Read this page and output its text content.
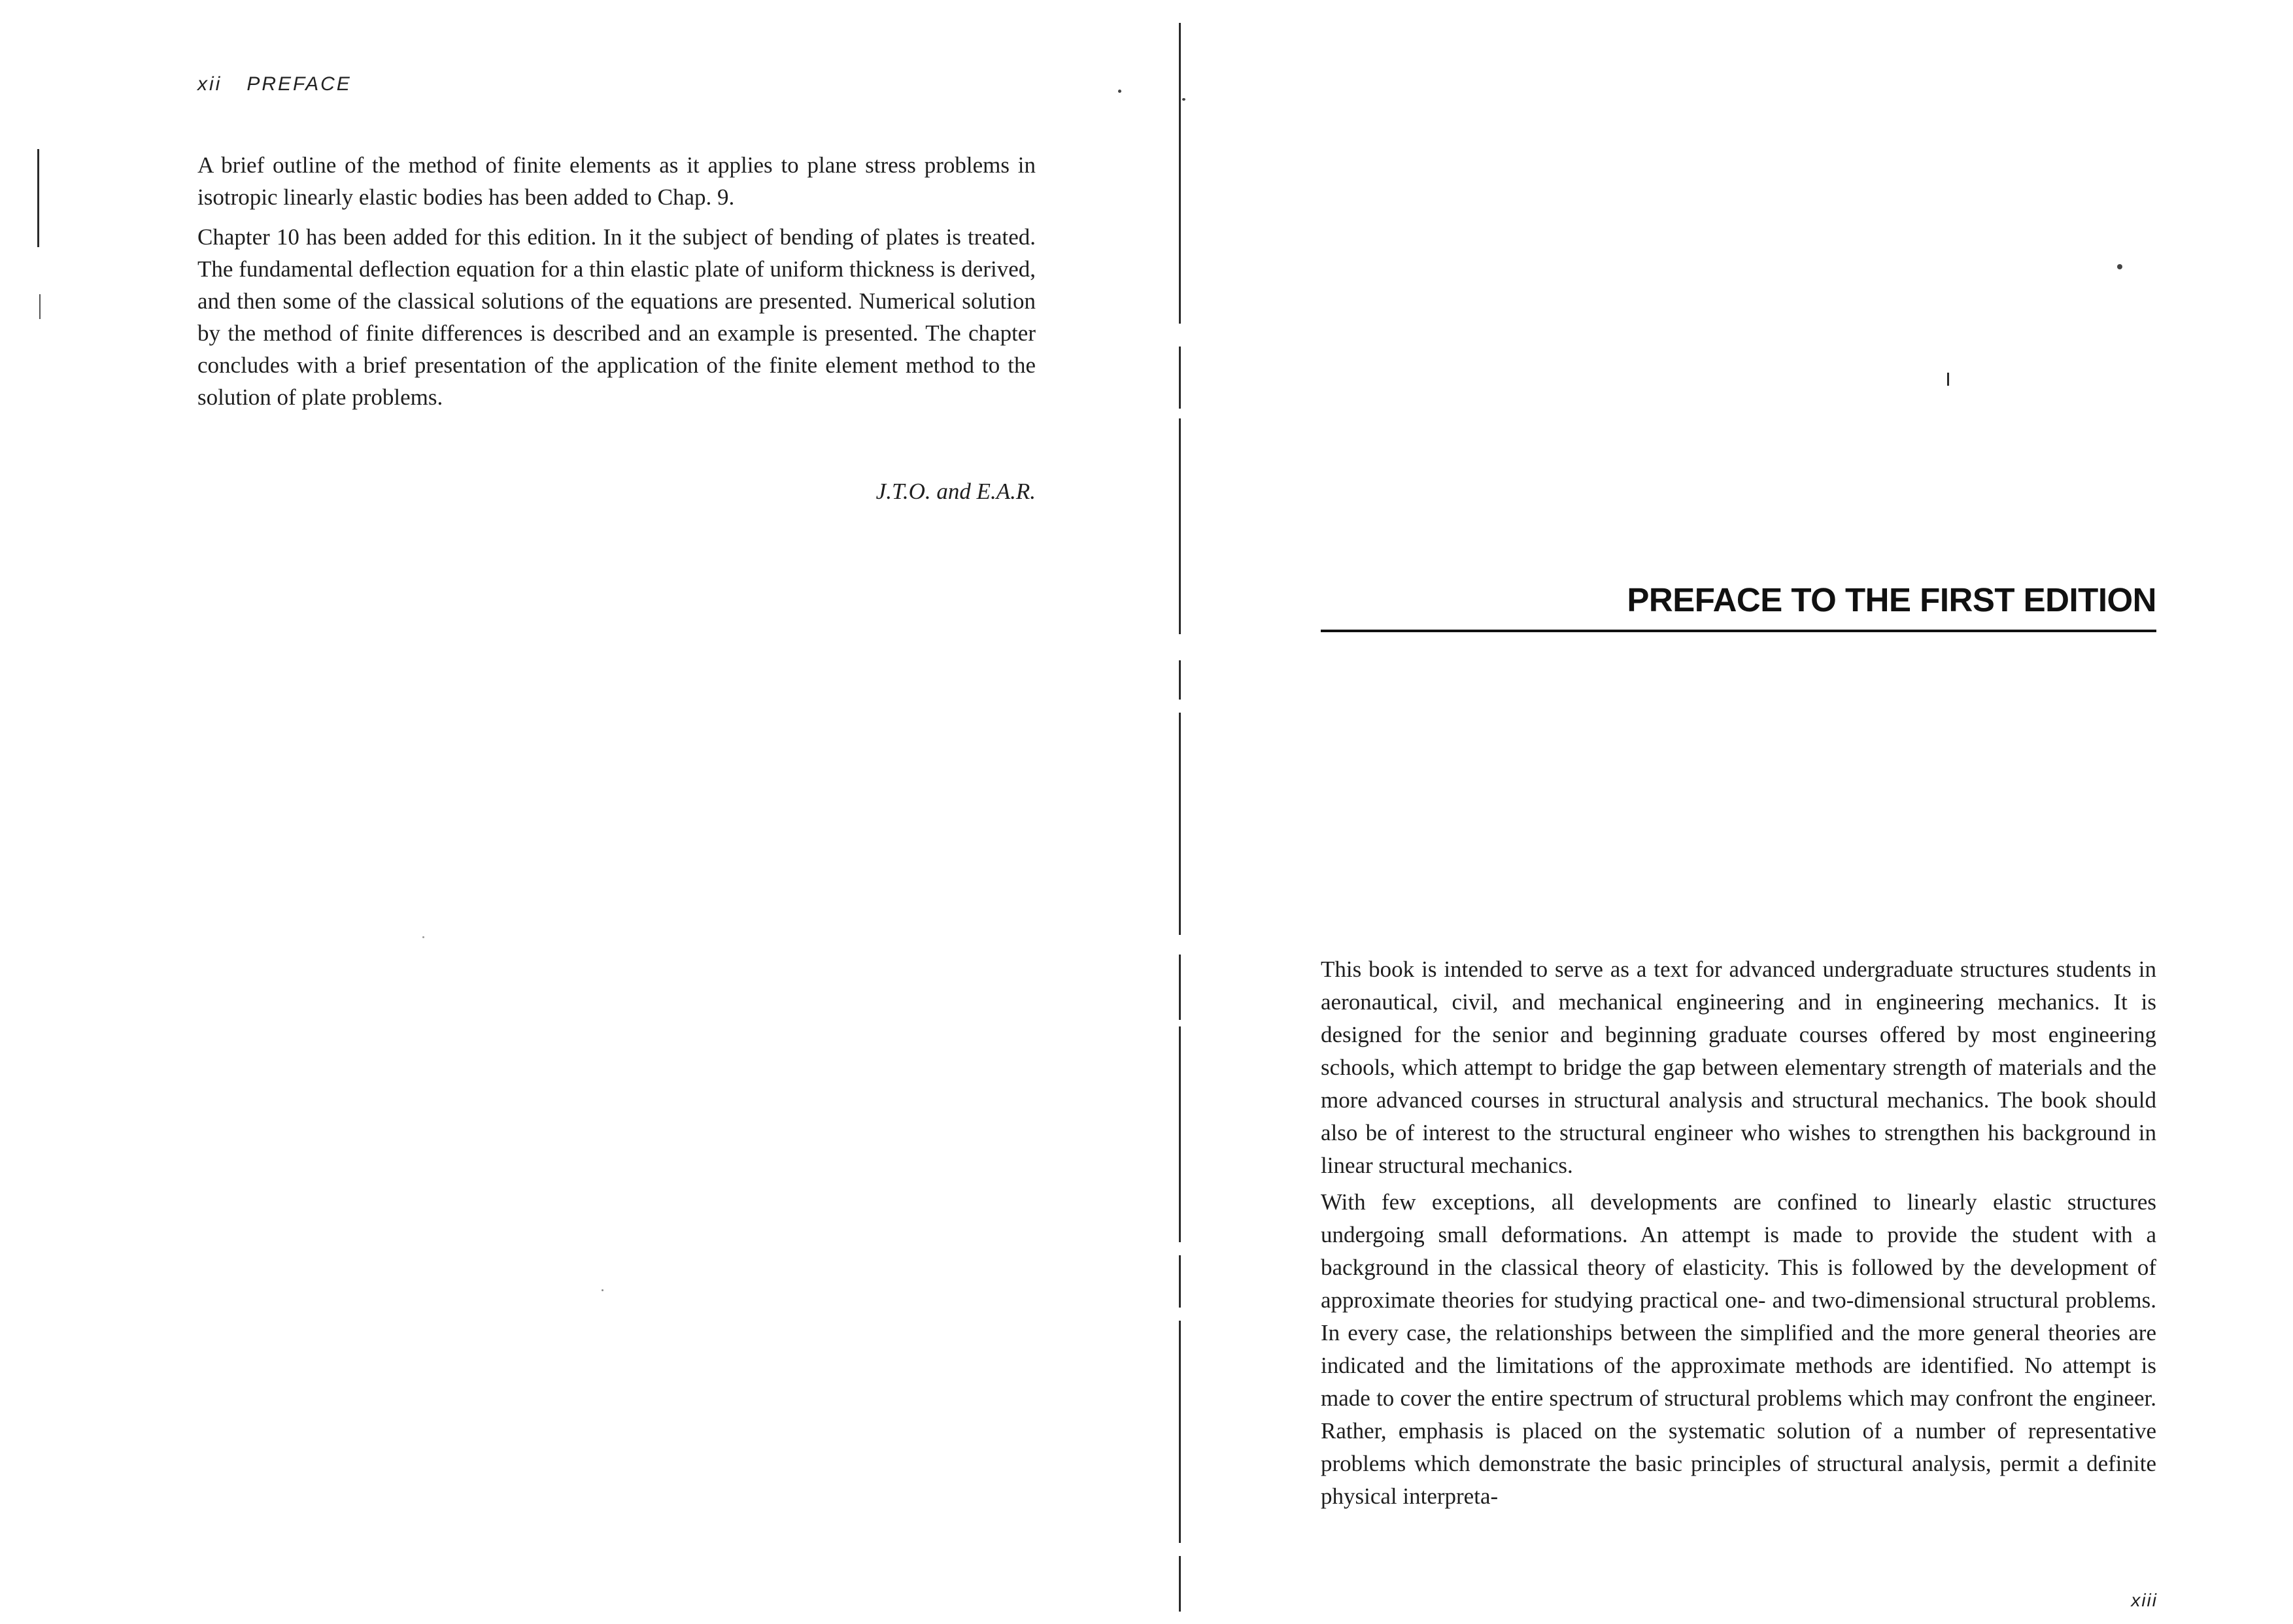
xii PREFACE

A brief outline of the method of finite elements as it applies to plane stress problems in isotropic linearly elastic bodies has been added to Chap. 9.

Chapter 10 has been added for this edition. In it the subject of bending of plates is treated. The fundamental deflection equation for a thin elastic plate of uniform thickness is derived, and then some of the classical solutions of the equations are presented. Numerical solution by the method of finite differences is described and an example is presented. The chapter concludes with a brief presentation of the application of the finite element method to the solution of plate problems.

J.T.O. and E.A.R.
PREFACE TO THE FIRST EDITION

This book is intended to serve as a text for advanced undergraduate structures students in aeronautical, civil, and mechanical engineering and in engineering mechanics. It is designed for the senior and beginning graduate courses offered by most engineering schools, which attempt to bridge the gap between elementary strength of materials and the more advanced courses in structural analysis and structural mechanics. The book should also be of interest to the structural engineer who wishes to strengthen his background in linear structural mechanics.

With few exceptions, all developments are confined to linearly elastic structures undergoing small deformations. An attempt is made to provide the student with a background in the classical theory of elasticity. This is followed by the development of approximate theories for studying practical one- and two-dimensional structural problems. In every case, the relationships between the simplified and the more general theories are indicated and the limitations of the approximate methods are identified. No attempt is made to cover the entire spectrum of structural problems which may confront the engineer. Rather, emphasis is placed on the systematic solution of a number of representative problems which demonstrate the basic principles of structural analysis, permit a definite physical interpreta-

xiii
